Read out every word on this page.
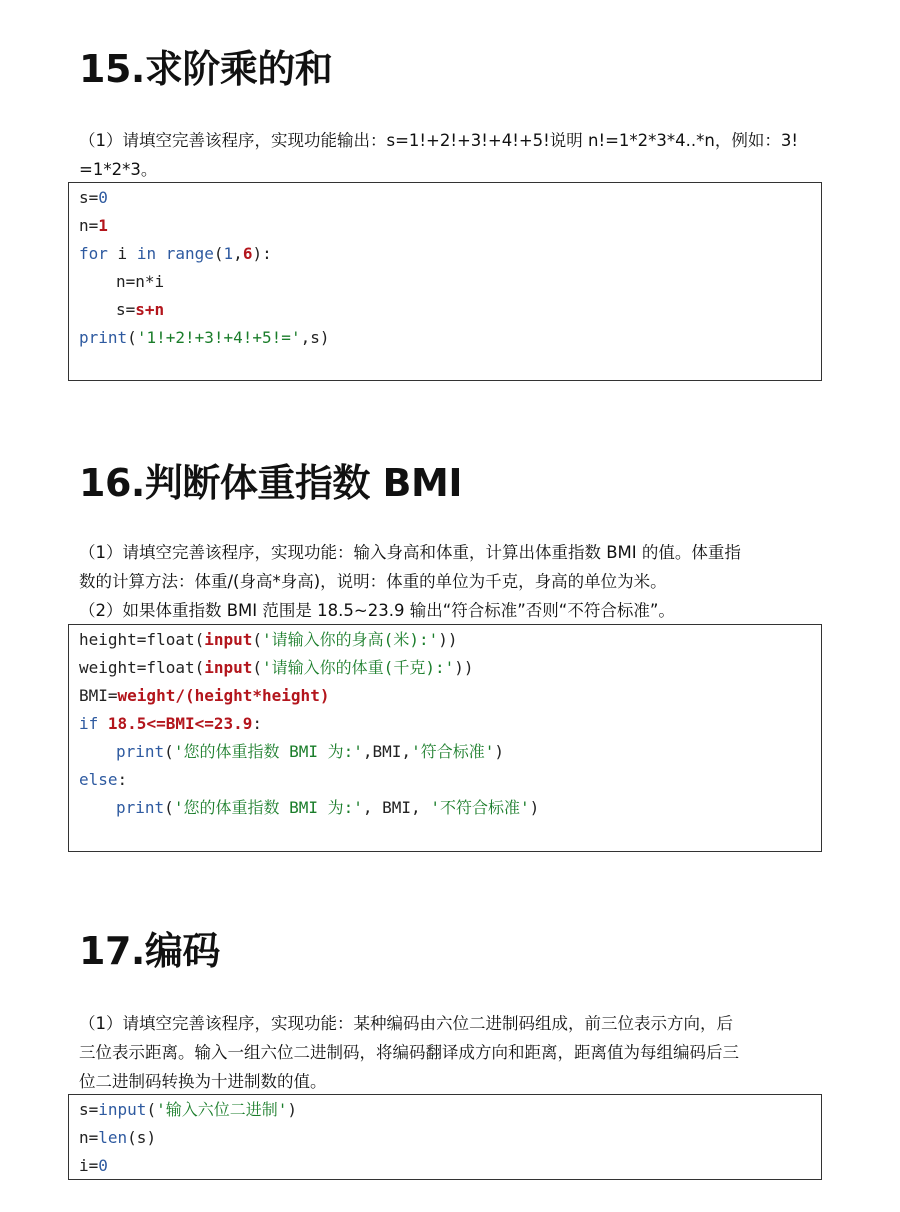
15.求阶乘的和

（1）请填空完善该程序，实现功能输出：s=1!+2!+3!+4!+5!说明 n!=1*2*3*4..*n，例如：3!

=1*2*3。

s=0
n=1
for i in range(1,6):
n=n*i
s=s+n
print('1!+2!+3!+4!+5!=',s)
16.判断体重指数 BMI

（1）请填空完善该程序，实现功能：输入身高和体重，计算出体重指数 BMI 的值。体重指

数的计算方法：体重/(身高*身高)，说明：体重的单位为千克，身高的单位为米。

（2）如果体重指数 BMI 范围是 18.5~23.9 输出“符合标准”否则“不符合标准”。

height=float(input('请输入你的身高(米):'))
weight=float(input('请输入你的体重(千克):'))
BMI=weight/(height*height)
if 18.5<=BMI<=23.9:
print('您的体重指数 BMI 为:',BMI,'符合标准')
else:
print('您的体重指数 BMI 为:', BMI, '不符合标准')
17.编码

（1）请填空完善该程序，实现功能：某种编码由六位二进制码组成，前三位表示方向，后

三位表示距离。输入一组六位二进制码，将编码翻译成方向和距离，距离值为每组编码后三

位二进制码转换为十进制数的值。

s=input('输入六位二进制')
n=len(s)
i=0
